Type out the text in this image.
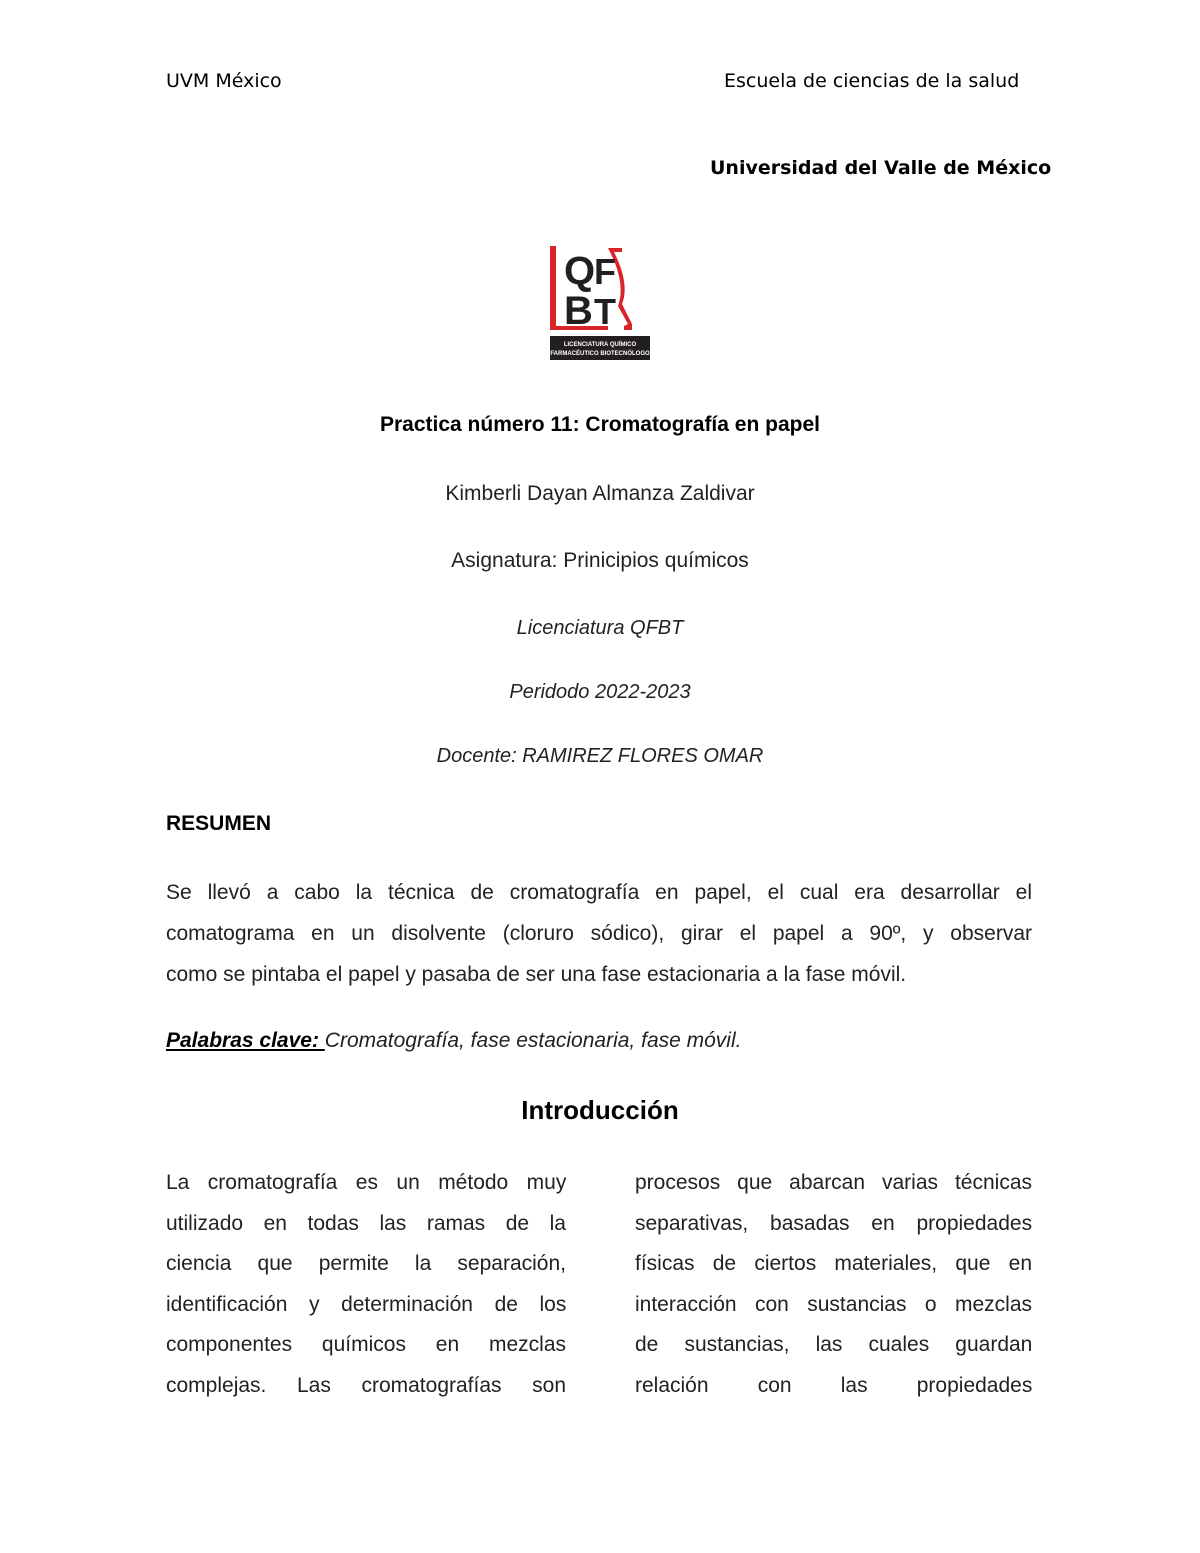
UVM México	Escuela de ciencias de la salud
Universidad del Valle de México
Q
F
B T
LICENCIATURA QUÍMICO
FARMACÉUTICO BIOTECNÓLOGO
Practica número 11: Cromatografía en papel
Kimberli Dayan Almanza Zaldivar
Asignatura: Prinicipios químicos
Licenciatura QFBT
Peridodo 2022-2023
Docente: RAMIREZ FLORES OMAR
RESUMEN
Se llevó a cabo la técnica de cromatografía en papel, el cual era desarrollar el
comatograma en un disolvente (cloruro sódico), girar el papel a 90º, y observar
como se pintaba el papel y pasaba de ser una fase estacionaria a la fase móvil.
Palabras clave: Cromatografía, fase estacionaria, fase móvil.
Introducción
La cromatografía es un método muy
utilizado en todas las ramas de la
ciencia que permite la separación,
identificación y determinación de los
componentes químicos en mezclas
complejas. Las cromatografías son
procesos que abarcan varias técnicas
separativas, basadas en propiedades
físicas de ciertos materiales, que en
interacción con sustancias o mezclas
de sustancias, las cuales guardan
relación con las propiedades
